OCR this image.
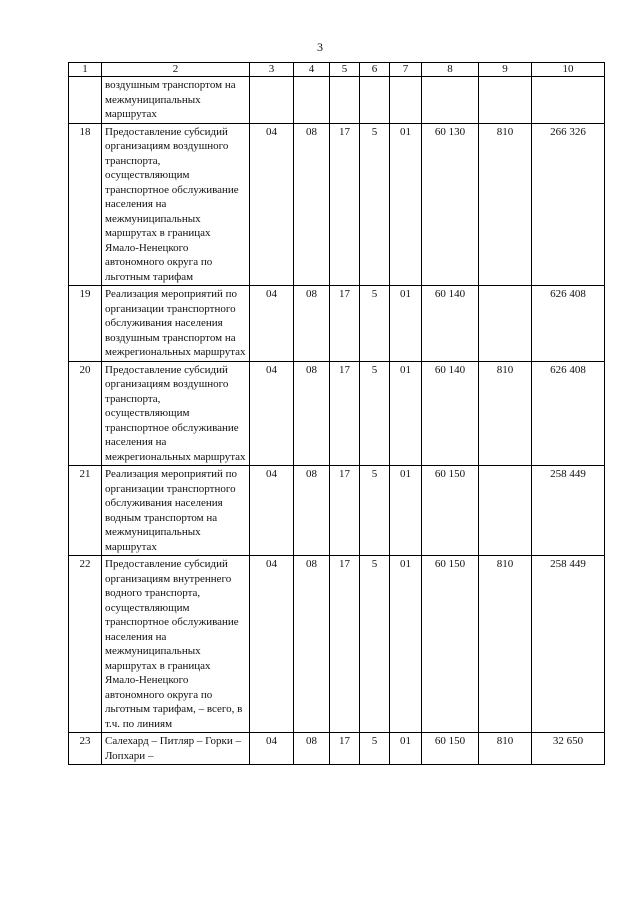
3
1	2	3	4	5	6	7	8	9	10
	воздушным транспортом на межмуниципальных маршрутах								
18	Предоставление субсидий организациям воздушного транспорта, осуществляющим транспортное обслуживание населения на межмуниципальных маршрутах в границах Ямало-Ненецкого автономного округа по льготным тарифам	04	08	17	5	01	60 130	810	266 326
19	Реализация мероприятий по организации транспортного обслуживания населения воздушным транспортом на межрегиональных маршрутах	04	08	17	5	01	60 140		626 408
20	Предоставление субсидий организациям воздушного транспорта, осуществляющим транспортное обслуживание населения на межрегиональных маршрутах	04	08	17	5	01	60 140	810	626 408
21	Реализация мероприятий по организации транспортного обслуживания населения водным транспортом на межмуниципальных маршрутах	04	08	17	5	01	60 150		258 449
22	Предоставление субсидий организациям внутреннего водного транспорта, осуществляющим транспортное обслуживание населения на межмуниципальных маршрутах в границах Ямало-Ненецкого автономного округа по льготным тарифам, – всего, в т.ч. по линиям	04	08	17	5	01	60 150	810	258 449
23	Салехард – Питляр – Горки – Лопхари –	04	08	17	5	01	60 150	810	32 650
